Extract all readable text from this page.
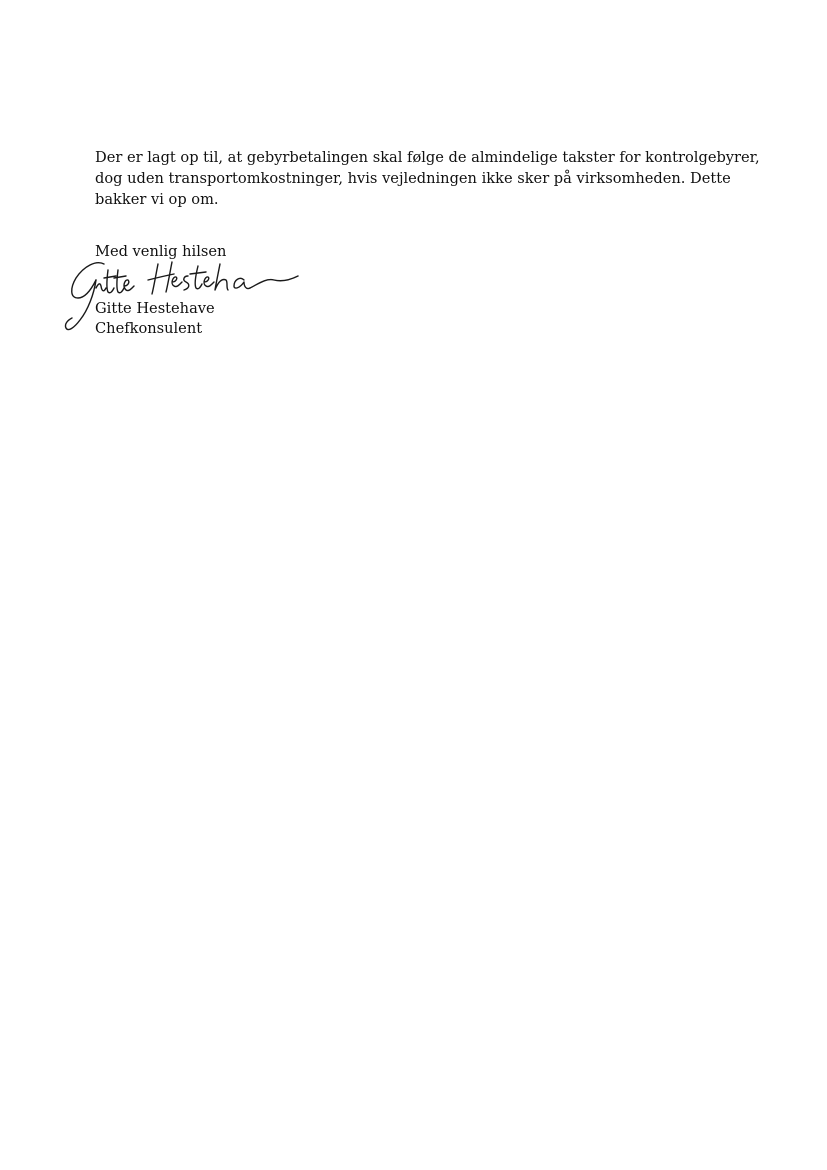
Der er lagt op til, at gebyrbetalingen skal følge de almindelige takster for kontrolgebyrer,
dog uden transportomkostninger, hvis vejledningen ikke sker på virksomheden. Dette
bakker vi op om.
Med venlig hilsen
Gitte Hestehave
Gitte Hestehave
Chefkonsulent
